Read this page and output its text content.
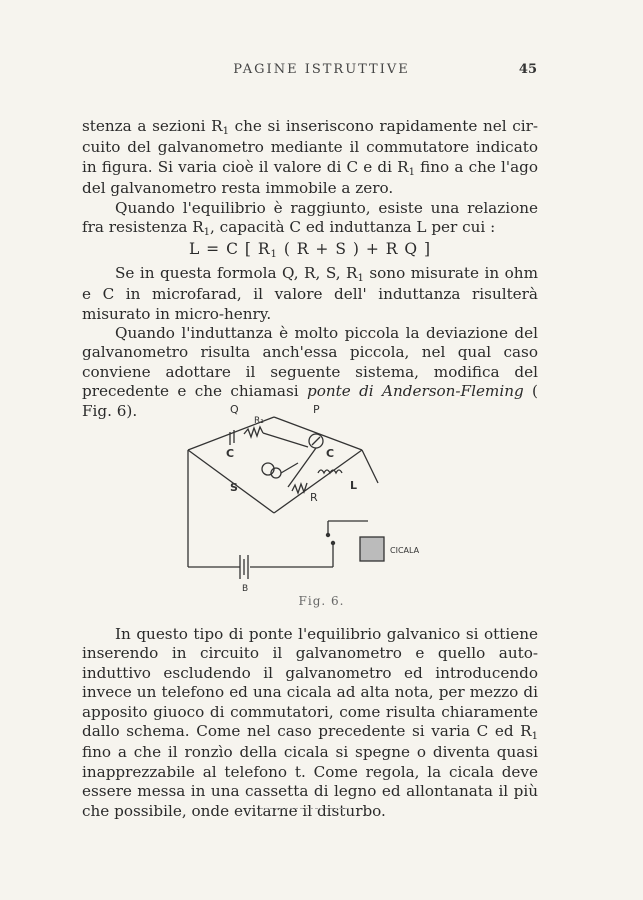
PAGINE ISTRUTTIVE	45

stenza a sezioni R1 che si inseriscono rapidamente nel cir- cuito del galvanometro mediante il commutatore indicato in figura. Si varia cioè il valore di C e di R1 fino a che l'ago del galvanometro resta immobile a zero.

Quando l'equilibrio è raggiunto, esiste una relazione fra resistenza R1, capacità C ed induttanza L per cui :

L = C [ R1 ( R + S ) + R Q ]

Se in questa formola Q, R, S, R1 sono misurate in ohm e C in microfarad, il valore dell' induttanza risulterà misurato in micro-henry.

Quando l'induttanza è molto piccola la deviazione del galvanometro risulta anch'essa piccola, nel qual caso conviene adottare il seguente sistema, modifica del precedente e che chiamasi ponte di Anderson-Fleming ( Fig. 6).	Q	P
R₁
C	C
S
R
L
CICALA
B
Fig. 6.

In questo tipo di ponte l'equilibrio galvanico si ottiene inserendo in circuito il galvanometro e quello auto-induttivo escludendo il galvanometro ed introducendo invece un telefono ed una cicala ad alta nota, per mezzo di apposito giuoco di commutatori, come risulta chiaramente dallo schema. Come nel caso precedente si varia C ed R1 fino a che il ronzìo della cicala si spegne o diventa quasi inapprezzabile al telefono t. Come regola, la cicala deve essere messa in una cassetta di legno ed allontanata il più che possibile, onde evitarne il disturbo.
